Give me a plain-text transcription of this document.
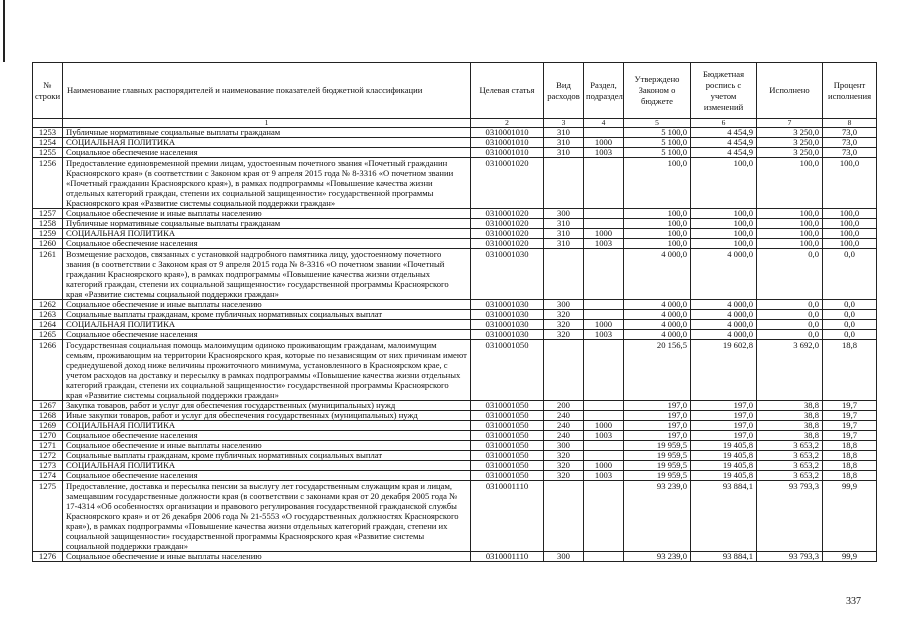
№ строки	Наименование главных распорядителей и наименование показателей бюджетной классификации	Целевая статья	Вид расходов	Раздел, подраздел	Утверждено Законом о бюджете	Бюджетная роспись с учетом изменений	Исполнено	Процент исполнения
	1	2	3	4	5	6	7	8
1253	Публичные нормативные социальные выплаты гражданам	0310001010	310		5 100,0	4 454,9	3 250,0	73,0
1254	СОЦИАЛЬНАЯ ПОЛИТИКА	0310001010	310	1000	5 100,0	4 454,9	3 250,0	73,0
1255	Социальное обеспечение населения	0310001010	310	1003	5 100,0	4 454,9	3 250,0	73,0
1256	Предоставление единовременной премии лицам, удостоенным почетного звания «Почетный гражданин Красноярского края» (в соответствии с Законом края от 9 апреля 2015 года № 8-3316 «О почетном звании «Почетный гражданин Красноярского края»), в рамках подпрограммы «Повышение качества жизни отдельных категорий граждан, степени их социальной защищенности» государственной программы Красноярского края «Развитие системы социальной поддержки граждан»	0310001020			100,0	100,0	100,0	100,0
1257	Социальное обеспечение и иные выплаты населению	0310001020	300		100,0	100,0	100,0	100,0
1258	Публичные нормативные социальные выплаты гражданам	0310001020	310		100,0	100,0	100,0	100,0
1259	СОЦИАЛЬНАЯ ПОЛИТИКА	0310001020	310	1000	100,0	100,0	100,0	100,0
1260	Социальное обеспечение населения	0310001020	310	1003	100,0	100,0	100,0	100,0
1261	Возмещение расходов, связанных с установкой надгробного памятника лицу, удостоенному почетного звания (в соответствии с Законом края от 9 апреля 2015 года № 8-3316 «О почетном звании «Почетный гражданин Красноярского края»), в рамках подпрограммы «Повышение качества жизни отдельных категорий граждан, степени их социальной защищенности» государственной программы Красноярского края «Развитие системы социальной поддержки граждан»	0310001030			4 000,0	4 000,0	0,0	0,0
1262	Социальное обеспечение и иные выплаты населению	0310001030	300		4 000,0	4 000,0	0,0	0,0
1263	Социальные выплаты гражданам, кроме публичных нормативных социальных выплат	0310001030	320		4 000,0	4 000,0	0,0	0,0
1264	СОЦИАЛЬНАЯ ПОЛИТИКА	0310001030	320	1000	4 000,0	4 000,0	0,0	0,0
1265	Социальное обеспечение населения	0310001030	320	1003	4 000,0	4 000,0	0,0	0,0
1266	Государственная социальная помощь малоимущим одиноко проживающим гражданам, малоимущим семьям, проживающим на территории Красноярского края, которые по независящим от них причинам имеют среднедушевой доход ниже величины прожиточного минимума, установленного в Красноярском крае, с учетом расходов на доставку и пересылку в рамках подпрограммы «Повышение качества жизни отдельных категорий граждан, степени их социальной защищенности» государственной программы Красноярского края «Развитие системы социальной поддержки граждан»	0310001050			20 156,5	19 602,8	3 692,0	18,8
1267	Закупка товаров, работ и услуг для обеспечения государственных (муниципальных) нужд	0310001050	200		197,0	197,0	38,8	19,7
1268	Иные закупки товаров, работ и услуг для обеспечения государственных (муниципальных) нужд	0310001050	240		197,0	197,0	38,8	19,7
1269	СОЦИАЛЬНАЯ ПОЛИТИКА	0310001050	240	1000	197,0	197,0	38,8	19,7
1270	Социальное обеспечение населения	0310001050	240	1003	197,0	197,0	38,8	19,7
1271	Социальное обеспечение и иные выплаты населению	0310001050	300		19 959,5	19 405,8	3 653,2	18,8
1272	Социальные выплаты гражданам, кроме публичных нормативных социальных выплат	0310001050	320		19 959,5	19 405,8	3 653,2	18,8
1273	СОЦИАЛЬНАЯ ПОЛИТИКА	0310001050	320	1000	19 959,5	19 405,8	3 653,2	18,8
1274	Социальное обеспечение населения	0310001050	320	1003	19 959,5	19 405,8	3 653,2	18,8
1275	Предоставление, доставка и пересылка пенсии за выслугу лет государственным служащим края и лицам, замещавшим государственные должности края (в соответствии с законами края от 20 декабря 2005 года № 17-4314 «Об особенностях организации и правового регулирования государственной гражданской службы Красноярского края» и от 26 декабря 2006 года № 21-5553 «О государственных должностях Красноярского края»), в рамках подпрограммы «Повышение качества жизни отдельных категорий граждан, степени их социальной защищенности» государственной программы Красноярского края «Развитие системы социальной поддержки граждан»	0310001110			93 239,0	93 884,1	93 793,3	99,9
1276	Социальное обеспечение и иные выплаты населению	0310001110	300		93 239,0	93 884,1	93 793,3	99,9
337
